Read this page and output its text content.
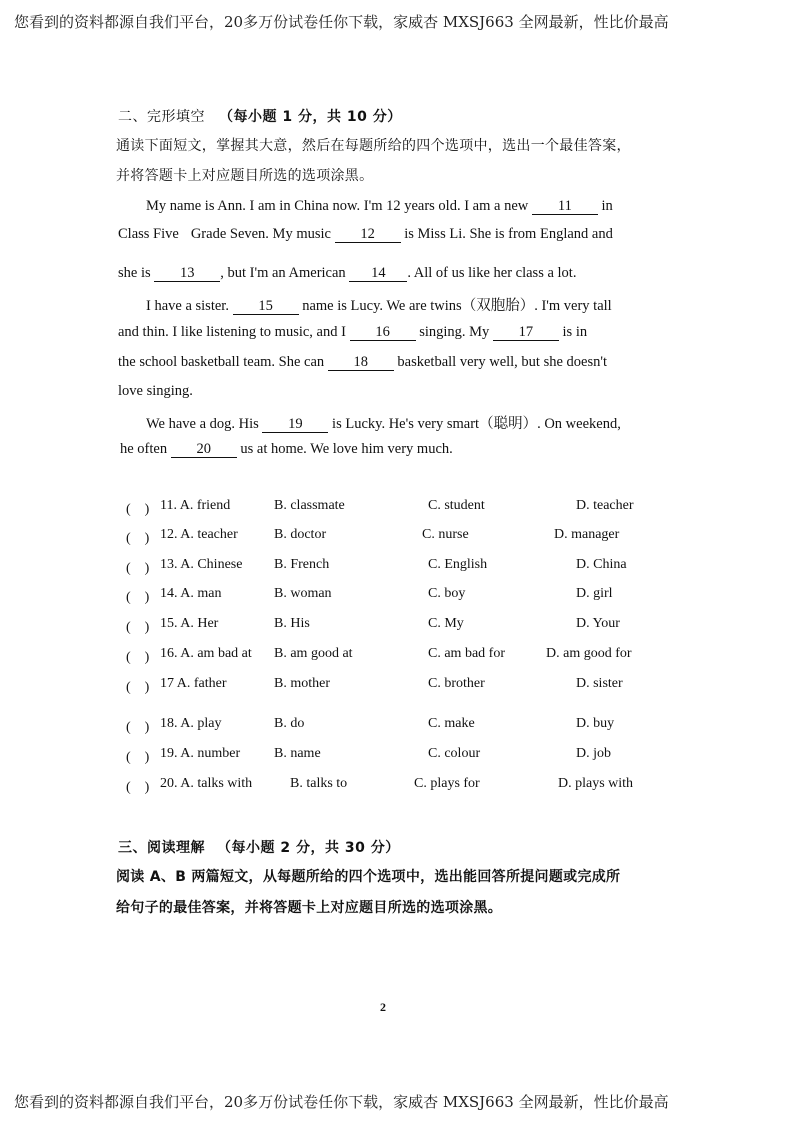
您看到的资料都源自我们平台，20多万份试卷任你下载，家威杏 MXSJ663 全网最新，性比价最高
二、完形填空 （每小题 1 分，共 10 分）
通读下面短文，掌握其大意，然后在每题所给的四个选项中，选出一个最佳答案，
并将答题卡上对应题目所选的选项涂黑。
My name is Ann. I am in China now. I'm 12 years old. I am a new 11 in
Class Five Grade Seven. My music 12 is Miss Li. She is from England and
she is 13 , but I'm an American 14 . All of us like her class a lot.
I have a sister. 15 name is Lucy. We are twins（双胞胎）. I'm very tall
and thin. I like listening to music, and I 16 singing. My 17 is in
the school basketball team. She can 18 basketball very well, but she doesn't
love singing.
We have a dog. His 19 is Lucky. He's very smart（聪明）. On weekend,
he often 20 us at home. We love him very much.
(　) 11. A. friend	B. classmate	C. student	D. teacher
(　) 12. A. teacher	B. doctor	C. nurse	D. manager
(　) 13. A. Chinese B. French	C. English	D. China
(　) 14. A. man	B. woman	C. boy	D. girl
(　) 15. A. Her	B. His	C. My	D. Your
(　) 16. A. am bad at B. am good at	C. am bad for	D. am good for
(　) 17 A. father	B. mother	C. brother	D. sister
(　) 18. A. play	B. do	C. make	D. buy
(　) 19. A. number B. name	C. colour	D. job
(　) 20. A. talks with	B. talks to	C. plays for	D. plays with
三、阅读理解 （每小题 2 分，共 30 分）
阅读 A、B 两篇短文，从每题所给的四个选项中，选出能回答所提问题或完成所
给句子的最佳答案，并将答题卡上对应题目所选的选项涂黑。
2
您看到的资料都源自我们平台，20多万份试卷任你下载，家威杏 MXSJ663 全网最新，性比价最高
